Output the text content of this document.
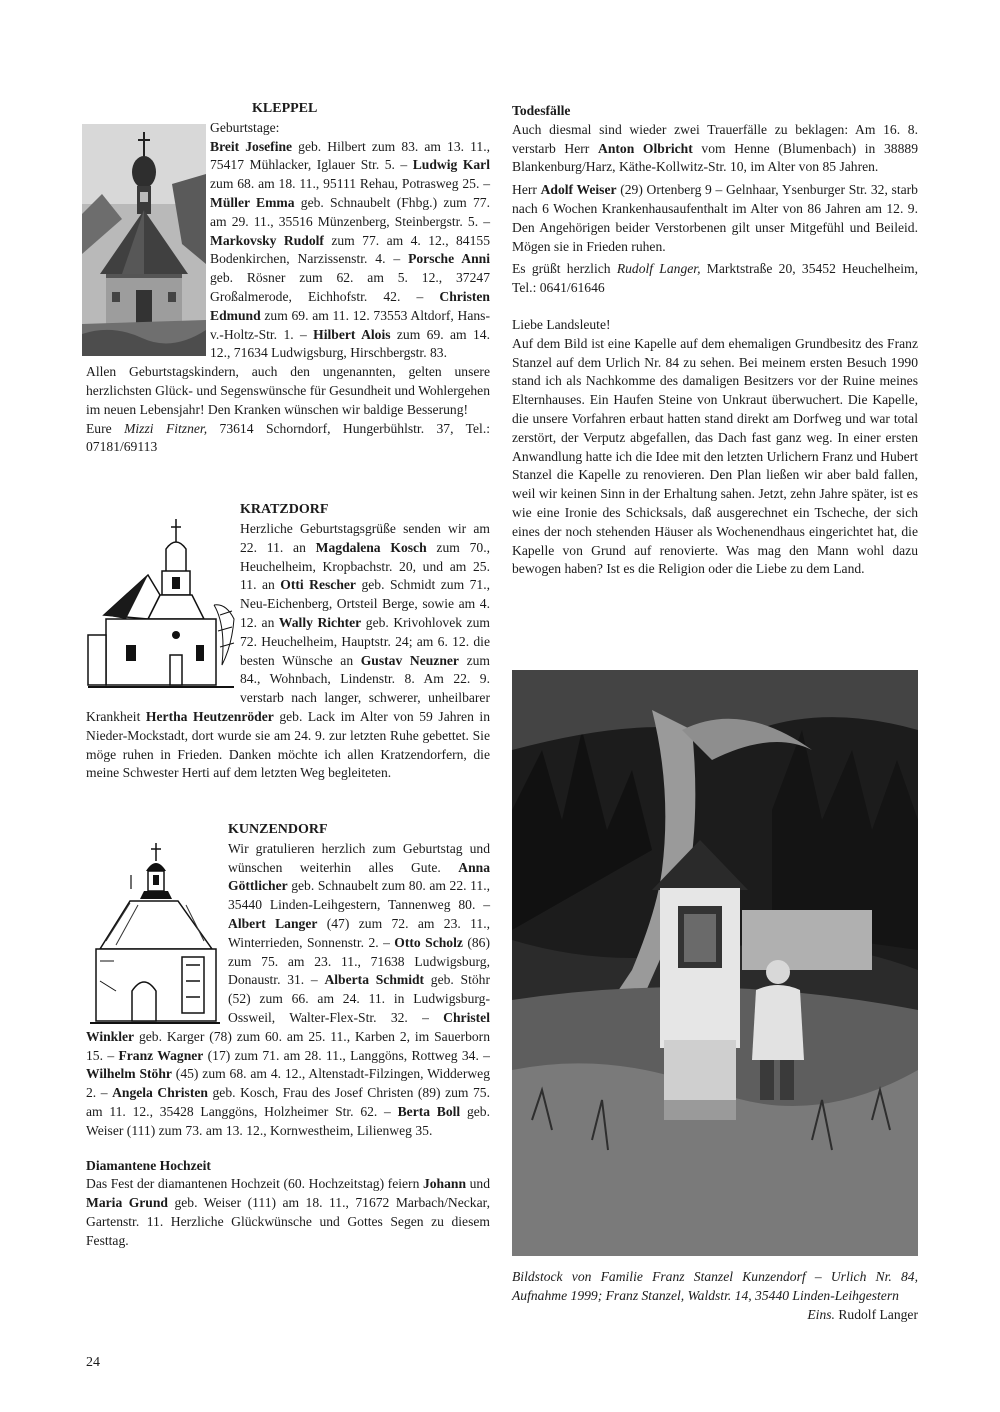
KLEPPEL
Geburtstage:

Breit Josefine geb. Hilbert zum 83. am 13. 11., 75417 Mühlacker, Iglauer Str. 5. – Ludwig Karl zum 68. am 18. 11., 95111 Rehau, Potrasweg 25. – Müller Emma geb. Schnaubelt (Fhbg.) zum 77. am 29. 11., 35516 Münzenberg, Steinbergstr. 5. – Markovsky Rudolf zum 77. am 4. 12., 84155 Bodenkirchen, Narzissenstr. 4. – Porsche Anni geb. Rösner zum 62. am 5. 12., 37247 Großalmerode, Eichhofstr. 42. – Christen Edmund zum 69. am 11. 12. 73553 Altdorf, Hans-v.-Holtz-Str. 1. – Hilbert Alois zum 69. am 14. 12., 71634 Ludwigsburg, Hirschbergstr. 83.

Allen Geburtstagskindern, auch den ungenannten, gelten unsere herzlichsten Glück- und Segenswünsche für Gesundheit und Wohlergehen im neuen Lebensjahr! Den Kranken wünschen wir baldige Besserung!

Eure Mizzi Fitzner, 73614 Schorndorf, Hungerbühlstr. 37, Tel.: 07181/69113

KRATZDORF

Herzliche Geburtstagsgrüße senden wir am 22. 11. an Magdalena Kosch zum 70., Heuchelheim, Kropbachstr. 20, und am 25. 11. an Otti Rescher geb. Schmidt zum 71., Neu-Eichenberg, Ortsteil Berge, sowie am 4. 12. an Wally Richter geb. Krivohlovek zum 72. Heuchelheim, Hauptstr. 24; am 6. 12. die besten Wünsche an Gustav Neuzner zum 84., Wohnbach, Lindenstr. 8. Am 22. 9. verstarb nach langer, schwerer, unheilbarer Krankheit Hertha Heutzenröder geb. Lack im Alter von 59 Jahren in Nieder-Mockstadt, dort wurde sie am 24. 9. zur letzten Ruhe gebettet. Sie möge ruhen in Frieden. Danken möchte ich allen Kratzendorfern, die meine Schwester Herti auf dem letzten Weg begleiteten.

KUNZENDORF

Wir gratulieren herzlich zum Geburtstag und wünschen weiterhin alles Gute. Anna Göttlicher geb. Schnaubelt zum 80. am 22. 11., 35440 Linden-Leihgestern, Tannenweg 80. – Albert Langer (47) zum 72. am 23. 11., Winterrieden, Sonnenstr. 2. – Otto Scholz (86) zum 75. am 23. 11., 71638 Ludwigsburg, Donaustr. 31. – Alberta Schmidt geb. Stöhr (52) zum 66. am 24. 11. in Ludwigsburg-Ossweil, Walter-Flex-Str. 32. – Christel Winkler geb. Karger (78) zum 60. am 25. 11., Karben 2, im Sauerborn 15. – Franz Wagner (17) zum 71. am 28. 11., Langgöns, Rottweg 34. – Wilhelm Stöhr (45) zum 68. am 4. 12., Altenstadt-Filzingen, Widderweg 2. – Angela Christen geb. Kosch, Frau des Josef Christen (89) zum 75. am 11. 12., 35428 Langgöns, Holzheimer Str. 62. – Berta Boll geb. Weiser (111) zum 73. am 13. 12., Kornwestheim, Lilienweg 35.

Diamantene Hochzeit

Das Fest der diamantenen Hochzeit (60. Hochzeitstag) feiern Johann und Maria Grund geb. Weiser (111) am 18. 11., 71672 Marbach/Neckar, Gartenstr. 11. Herzliche Glückwünsche und Gottes Segen zu diesem Festtag.

Todesfälle

Auch diesmal sind wieder zwei Trauerfälle zu beklagen: Am 16. 8. verstarb Herr Anton Olbricht vom Henne (Blumenbach) in 38889 Blankenburg/Harz, Käthe-Kollwitz-Str. 10, im Alter von 85 Jahren.

Herr Adolf Weiser (29) Ortenberg 9 – Gelnhaar, Ysenburger Str. 32, starb nach 6 Wochen Krankenhausaufenthalt im Alter von 86 Jahren am 12. 9. Den Angehörigen beider Verstorbenen gilt unser Mitgefühl und Beileid. Mögen sie in Frieden ruhen.

Es grüßt herzlich Rudolf Langer, Marktstraße 20, 35452 Heuchelheim, Tel.: 0641/61646

Liebe Landsleute!

Auf dem Bild ist eine Kapelle auf dem ehemaligen Grundbesitz des Franz Stanzel auf dem Urlich Nr. 84 zu sehen. Bei meinem ersten Besuch 1990 stand ich als Nachkomme des damaligen Besitzers vor der Ruine meines Elternhauses. Ein Haufen Steine von Unkraut überwuchert. Die Kapelle, die unsere Vorfahren erbaut hatten stand direkt am Dorfweg und war total zerstört, der Verputz abgefallen, das Dach fast ganz weg. In einer ersten Anwandlung hatte ich die Idee mit den letzten Urlichern Franz und Hubert Stanzel die Kapelle zu renovieren. Den Plan ließen wir aber bald fallen, weil wir keinen Sinn in der Erhaltung sahen. Jetzt, zehn Jahre später, ist es wie eine Ironie des Schicksals, daß ausgerechnet ein Tscheche, der sich eines der noch stehenden Häuser als Wochenendhaus eingerichtet hat, die Kapelle von Grund auf renovierte. Was mag den Mann wohl dazu bewogen haben? Ist es die Religion oder die Liebe zu dem Land.

Bildstock von Familie Franz Stanzel Kunzendorf – Urlich Nr. 84, Aufnahme 1999; Franz Stanzel, Waldstr. 14, 35440 Linden-Leihgestern
Eins. Rudolf Langer
24
